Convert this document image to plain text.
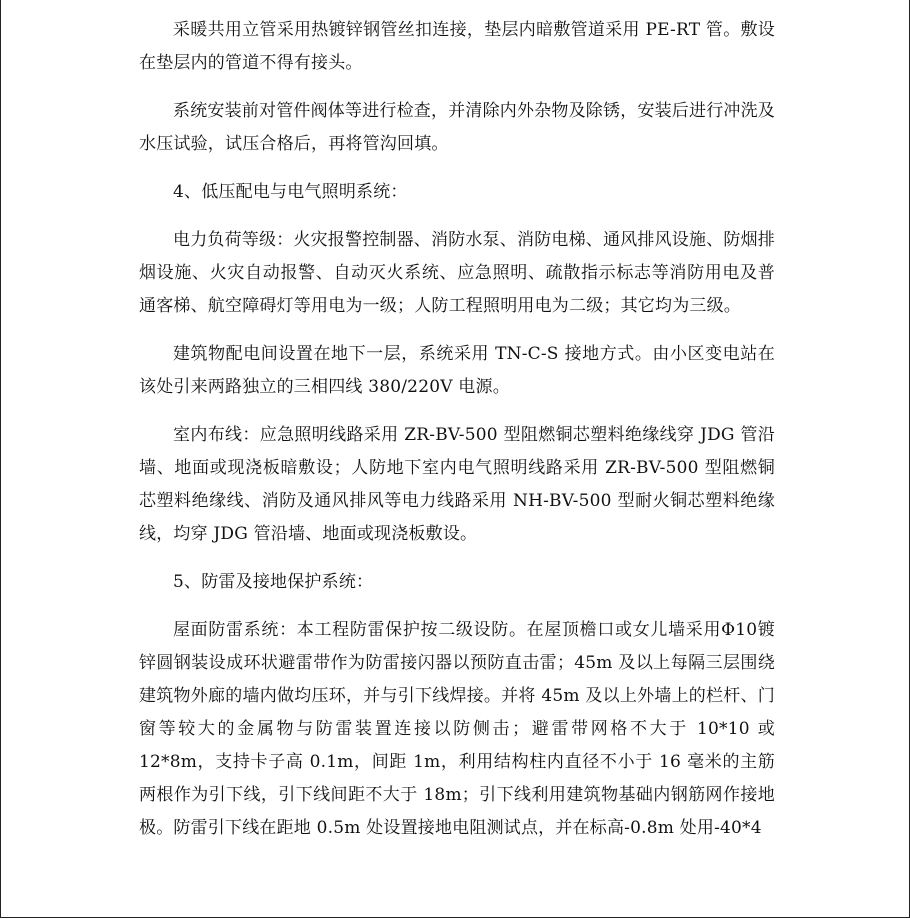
采暖共用立管采用热镀锌钢管丝扣连接，垫层内暗敷管道采用 PE-RT 管。敷设在垫层内的管道不得有接头。

系统安装前对管件阀体等进行检查，并清除内外杂物及除锈，安装后进行冲洗及水压试验，试压合格后，再将管沟回填。

4、低压配电与电气照明系统：

电力负荷等级：火灾报警控制器、消防水泵、消防电梯、通风排风设施、防烟排烟设施、火灾自动报警、自动灭火系统、应急照明、疏散指示标志等消防用电及普通客梯、航空障碍灯等用电为一级；人防工程照明用电为二级；其它均为三级。

建筑物配电间设置在地下一层，系统采用 TN-C-S 接地方式。由小区变电站在该处引来两路独立的三相四线 380/220V 电源。

室内布线：应急照明线路采用 ZR-BV-500 型阻燃铜芯塑料绝缘线穿 JDG 管沿墙、地面或现浇板暗敷设；人防地下室内电气照明线路采用 ZR-BV-500 型阻燃铜芯塑料绝缘线、消防及通风排风等电力线路采用 NH-BV-500 型耐火铜芯塑料绝缘线，均穿 JDG 管沿墙、地面或现浇板敷设。

5、防雷及接地保护系统：

屋面防雷系统：本工程防雷保护按二级设防。在屋顶檐口或女儿墙采用Φ10镀锌圆钢装设成环状避雷带作为防雷接闪器以预防直击雷；45m 及以上每隔三层围绕建筑物外廊的墙内做均压环，并与引下线焊接。并将 45m 及以上外墙上的栏杆、门窗等较大的金属物与防雷装置连接以防侧击；避雷带网格不大于 10*10 或 12*8m，支持卡子高 0.1m，间距 1m，利用结构柱内直径不小于 16 毫米的主筋两根作为引下线，引下线间距不大于 18m；引下线利用建筑物基础内钢筋网作接地极。防雷引下线在距地 0.5m 处设置接地电阻测试点，并在标高-0.8m 处用-40*4
